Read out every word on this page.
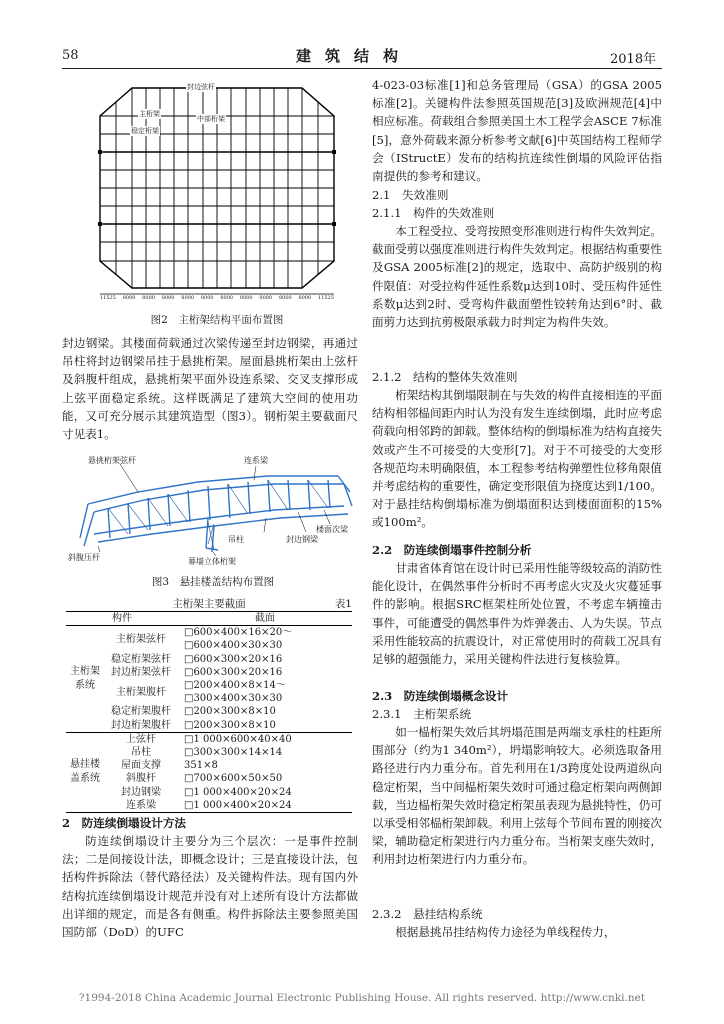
58	建筑结构	2018年
封边弦杆
主桁架
稳定桁架
中部桁架
11525 8000 8000 8000 8000 8000 8000 8000 8000 8000 8000 11525
图2　主桁架结构平面布置图
封边钢梁。其楼面荷载通过次梁传递至封边钢梁，再通过吊柱将封边钢梁吊挂于悬挑桁架。屋面悬挑桁架由上弦杆及斜腹杆组成，悬挑桁架平面外设连系梁、交叉支撑形成上弦平面稳定系统。这样既满足了建筑大空间的使用功能，又可充分展示其建筑造型（图3）。钢桁架主要截面尺寸见表1。
悬挑桁架弦杆	连系梁
吊柱
楼面次梁
斜腹压杆	幕墙立体桁架
封边钢梁
图3　悬挂楼盖结构布置图
主桁架主要截面	表1
构件		截面
主桁架
系统	主桁架弦杆	□600×400×16×20～□600×400×30×30
	稳定桁架弦杆	□600×300×20×16
	封边桁架弦杆	□600×300×20×16
	主桁架腹杆	□200×400×8×14～□300×400×30×30
	稳定桁架腹杆	□200×300×8×10
	封边桁架腹杆	□200×300×8×10
悬挂楼
盖系统	上弦杆	□1 000×600×40×40
	吊柱	□300×300×14×14
	屋面支撑	351×8
	斜腹杆	□700×600×50×50
	封边钢梁	□1 000×400×20×24
	连系梁	□1 000×400×20×24
2　防连续倒塌设计方法
防连续倒塌设计主要分为三个层次：一是事件控制法；二是间接设计法，即概念设计；三是直接设计法，包括构件拆除法（替代路径法）及关键构件法。现有国内外结构抗连续倒塌设计规范并没有对上述所有设计方法都做出详细的规定，而是各有侧重。构件拆除法主要参照美国国防部（DoD）的UFC
4-023-03标准[1]和总务管理局（GSA）的GSA 2005标准[2]。关键构件法参照英国规范[3]及欧洲规范[4]中相应标准。荷载组合参照美国土木工程学会ASCE 7标准[5]，意外荷载来源分析参考文献[6]中英国结构工程师学会（IStructE）发布的结构抗连续性倒塌的风险评估指南提供的参考和建议。
2.1　失效准则
2.1.1　构件的失效准则
本工程受拉、受弯按照变形准则进行构件失效判定。截面受剪以强度准则进行构件失效判定。根据结构重要性及GSA 2005标准[2]的规定，选取中、高防护级别的构件限值：对受拉构件延性系数μ达到10时、受压构件延性系数μ达到2时、受弯构件截面塑性铰转角达到6°时、截面剪力达到抗剪极限承载力时判定为构件失效。
2.1.2　结构的整体失效准则
桁架结构其倒塌限制在与失效的构件直接相连的平面结构相邻榀间距内时认为没有发生连续倒塌，此时应考虑荷载向相邻跨的卸载。整体结构的倒塌标准为结构直接失效或产生不可接受的大变形[7]。对于不可接受的大变形各规范均未明确限值，本工程参考结构弹塑性位移角限值并考虑结构的重要性，确定变形限值为挠度达到1/100。对于悬挂结构倒塌标准为倒塌面积达到楼面面积的15%或100m²。
2.2　防连续倒塌事件控制分析
甘肃省体育馆在设计时已采用性能等级较高的消防性能化设计，在偶然事件分析时不再考虑火灾及火灾蔓延事件的影响。根据SRC框架柱所处位置，不考虑车辆撞击事件，可能遭受的偶然事件为炸弹袭击、人为失误。节点采用性能较高的抗震设计，对正常使用时的荷载工况具有足够的超强能力，采用关键构件法进行复核验算。
2.3　防连续倒塌概念设计
2.3.1　主桁架系统
如一榀桁架失效后其坍塌范围是两端支承柱的柱距所围部分（约为1 340m²），坍塌影响较大。必须选取备用路径进行内力重分布。首先利用在1/3跨度处设两道纵向稳定桁架，当中间榀桁架失效时可通过稳定桁架向两侧卸载，当边榀桁架失效时稳定桁架虽表现为悬挑特性，仍可以承受相邻榀桁架卸载。利用上弦每个节间布置的刚接次梁，辅助稳定桁架进行内力重分布。当桁架支座失效时，利用封边桁架进行内力重分布。
2.3.2　悬挂结构系统
根据悬挑吊挂结构传力途径为单线程传力，
?1994-2018 China Academic Journal Electronic Publishing House. All rights reserved. http://www.cnki.net
